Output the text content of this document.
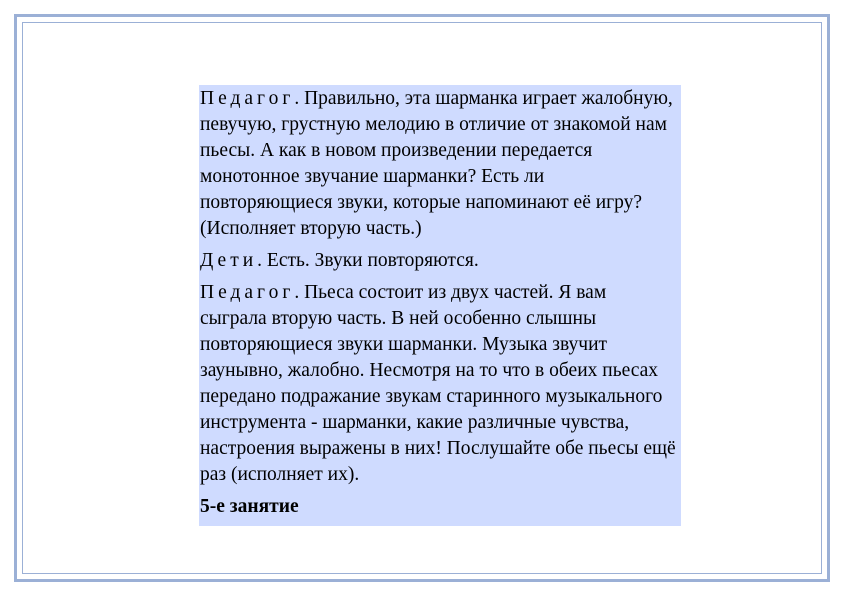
Педагог. Правильно, эта шарманка играет жалобную, певучую, грустную мелодию в отличие от знакомой нам пьесы. А как в новом произведении передается монотонное звучание шарманки? Есть ли повторяющиеся звуки, которые напоминают её игру? (Исполняет вторую часть.)

Дети. Есть. Звуки повторяются.

Педагог. Пьеса состоит из двух частей. Я вам сыграла вторую часть. В ней особенно слышны повторяющиеся звуки шарманки. Музыка звучит заунывно, жалобно. Несмотря на то что в обеих пьесах передано подражание звукам старинного музыкального инструмента - шарманки, какие различные чувства, настроения выражены в них! Послушайте обе пьесы ещё раз (исполняет их).

5-е занятие
